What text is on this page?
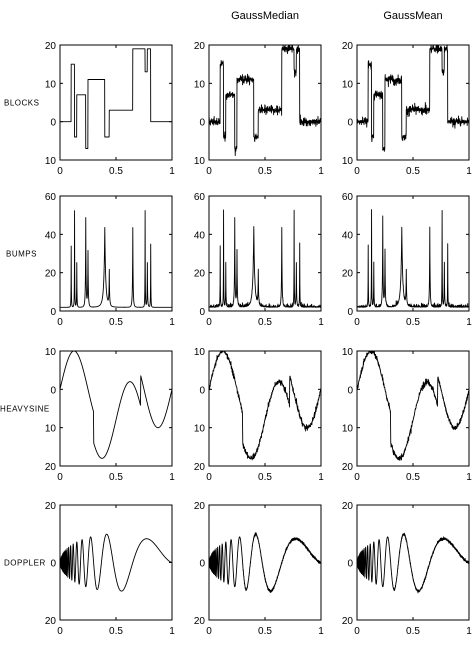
GaussMedian	GaussMean
BLOCKS
20
10
0
10
0	0.5	1
20
10
0
10
0	0.5	1
20
10
0
10
0	0.5	1
BUMPS
60
40
20
0
0	0.5	1
60
40
20
0
0	0.5	1
60
40
20
0
0	0.5	1
HEAVYSINE
10
0
10
20
0	0.5	1
10
0
10
20
0	0.5	1
10
0
10
20
0	0.5	1
DOPPLER
20
0
20
0	0.5	1
20
0
20
0	0.5	1
20
0
20
0	0.5	1
